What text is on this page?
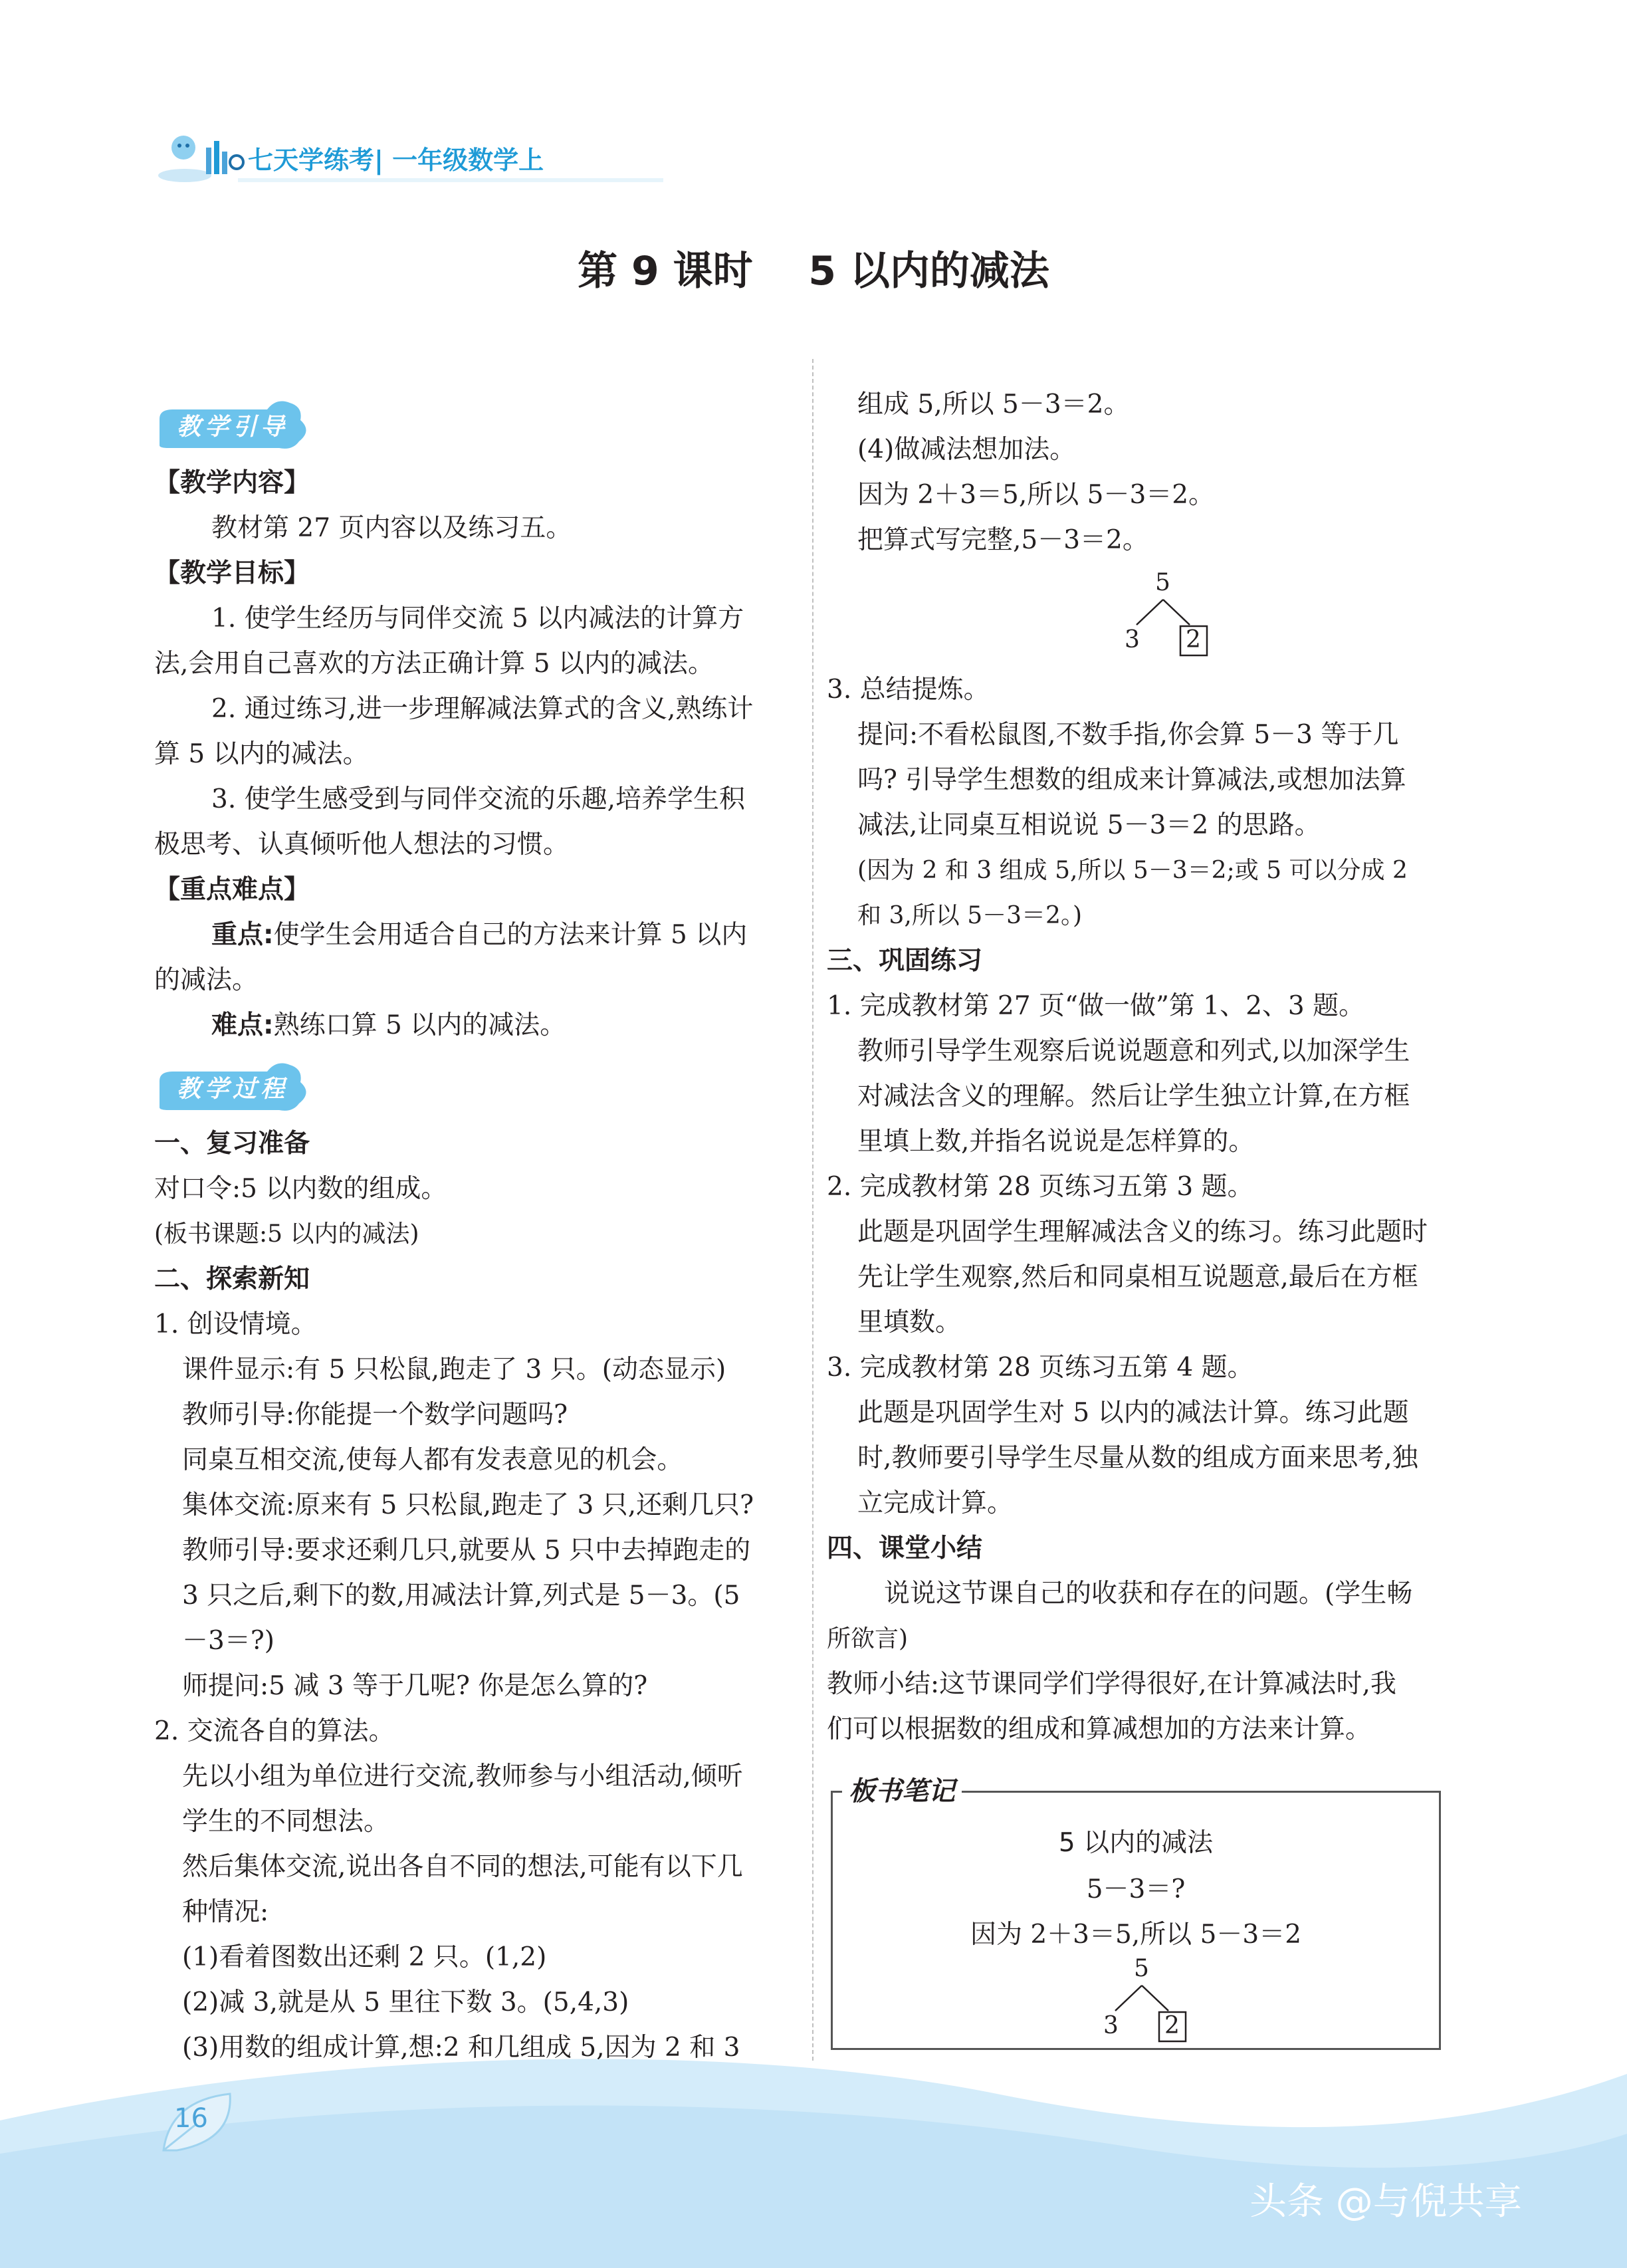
七天学练考| 一年级数学上
第 9 课时    5 以内的减法
教学引导
【教学内容】
教材第 27 页内容以及练习五。
【教学目标】
1. 使学生经历与同伴交流 5 以内减法的计算方
法,会用自己喜欢的方法正确计算 5 以内的减法。
2. 通过练习,进一步理解减法算式的含义,熟练计
算 5 以内的减法。
3. 使学生感受到与同伴交流的乐趣,培养学生积
极思考、认真倾听他人想法的习惯。
【重点难点】
重点:使学生会用适合自己的方法来计算 5 以内
的减法。
难点:熟练口算 5 以内的减法。
教学过程
一、复习准备
对口令:5 以内数的组成。
(板书课题:5 以内的减法)
二、探索新知
1. 创设情境。
课件显示:有 5 只松鼠,跑走了 3 只。(动态显示)
教师引导:你能提一个数学问题吗?
同桌互相交流,使每人都有发表意见的机会。
集体交流:原来有 5 只松鼠,跑走了 3 只,还剩几只?
教师引导:要求还剩几只,就要从 5 只中去掉跑走的
3 只之后,剩下的数,用减法计算,列式是 5－3。(5
－3＝?)
师提问:5 减 3 等于几呢? 你是怎么算的?
2. 交流各自的算法。
先以小组为单位进行交流,教师参与小组活动,倾听
学生的不同想法。
然后集体交流,说出各自不同的想法,可能有以下几
种情况:
(1)看着图数出还剩 2 只。(1,2)
(2)减 3,就是从 5 里往下数 3。(5,4,3)
(3)用数的组成计算,想:2 和几组成 5,因为 2 和 3
组成 5,所以 5－3＝2。
(4)做减法想加法。
因为 2＋3＝5,所以 5－3＝2。
把算式写完整,5－3＝2。
5
3 2
3. 总结提炼。
提问:不看松鼠图,不数手指,你会算 5－3 等于几
吗? 引导学生想数的组成来计算减法,或想加法算
减法,让同桌互相说说 5－3＝2 的思路。
(因为 2 和 3 组成 5,所以 5－3＝2;或 5 可以分成 2
和 3,所以 5－3＝2。)
三、巩固练习
1. 完成教材第 27 页“做一做”第 1、2、3 题。
教师引导学生观察后说说题意和列式,以加深学生
对减法含义的理解。然后让学生独立计算,在方框
里填上数,并指名说说是怎样算的。
2. 完成教材第 28 页练习五第 3 题。
此题是巩固学生理解减法含义的练习。练习此题时
先让学生观察,然后和同桌相互说题意,最后在方框
里填数。
3. 完成教材第 28 页练习五第 4 题。
此题是巩固学生对 5 以内的减法计算。练习此题
时,教师要引导学生尽量从数的组成方面来思考,独
立完成计算。
四、课堂小结
说说这节课自己的收获和存在的问题。(学生畅
所欲言)
教师小结:这节课同学们学得很好,在计算减法时,我
们可以根据数的组成和算减想加的方法来计算。
板书笔记
5 以内的减法
5－3＝?
因为 2＋3＝5,所以 5－3＝2
5
3 2
16
头条 @与倪共享
